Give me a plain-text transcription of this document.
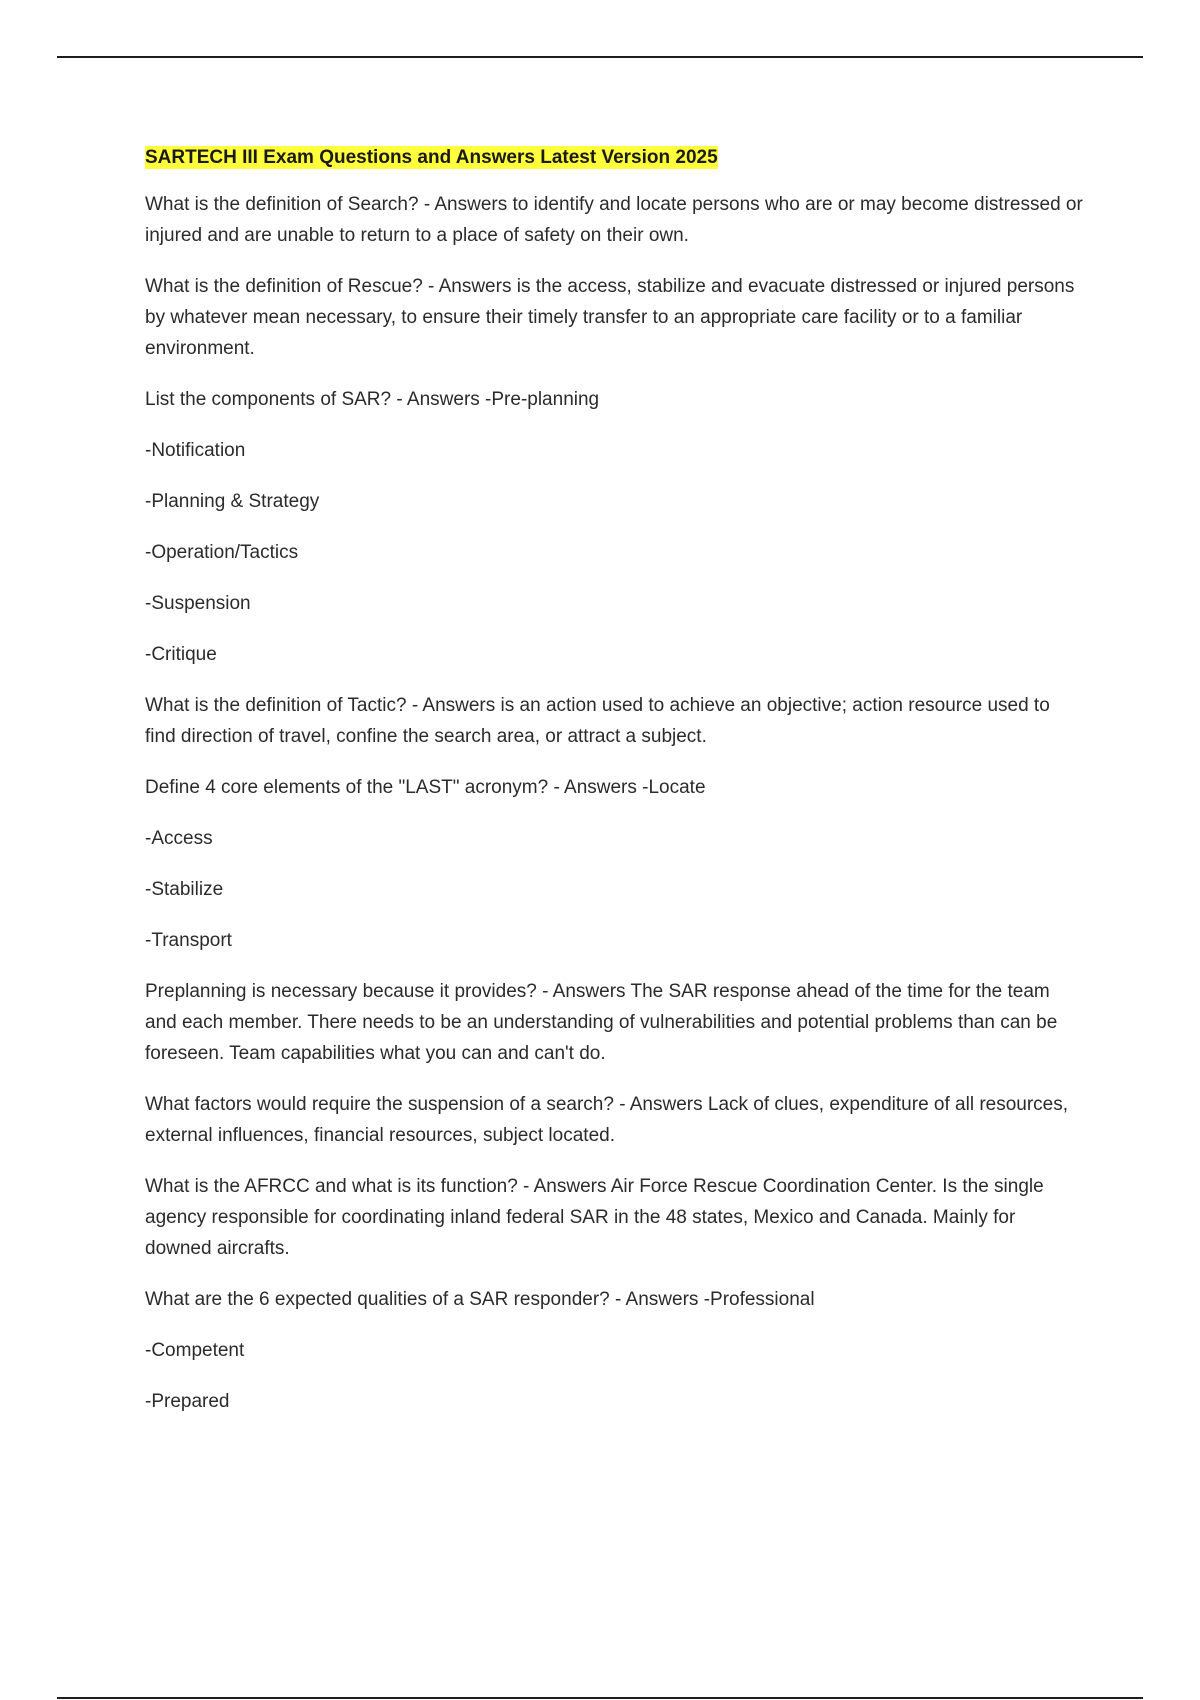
SARTECH III Exam Questions and Answers Latest Version 2025

What is the definition of Search? - Answers to identify and locate persons who are or may become distressed or injured and are unable to return to a place of safety on their own.

What is the definition of Rescue? - Answers is the access, stabilize and evacuate distressed or injured persons by whatever mean necessary, to ensure their timely transfer to an appropriate care facility or to a familiar environment.

List the components of SAR? - Answers -Pre-planning

-Notification

-Planning & Strategy

-Operation/Tactics

-Suspension

-Critique

What is the definition of Tactic? - Answers is an action used to achieve an objective; action resource used to find direction of travel, confine the search area, or attract a subject.

Define 4 core elements of the "LAST" acronym? - Answers -Locate

-Access

-Stabilize

-Transport

Preplanning is necessary because it provides? - Answers The SAR response ahead of the time for the team and each member. There needs to be an understanding of vulnerabilities and potential problems than can be foreseen. Team capabilities what you can and can't do.

What factors would require the suspension of a search? - Answers Lack of clues, expenditure of all resources, external influences, financial resources, subject located.

What is the AFRCC and what is its function? - Answers Air Force Rescue Coordination Center. Is the single agency responsible for coordinating inland federal SAR in the 48 states, Mexico and Canada. Mainly for downed aircrafts.

What are the 6 expected qualities of a SAR responder? - Answers -Professional

-Competent

-Prepared
